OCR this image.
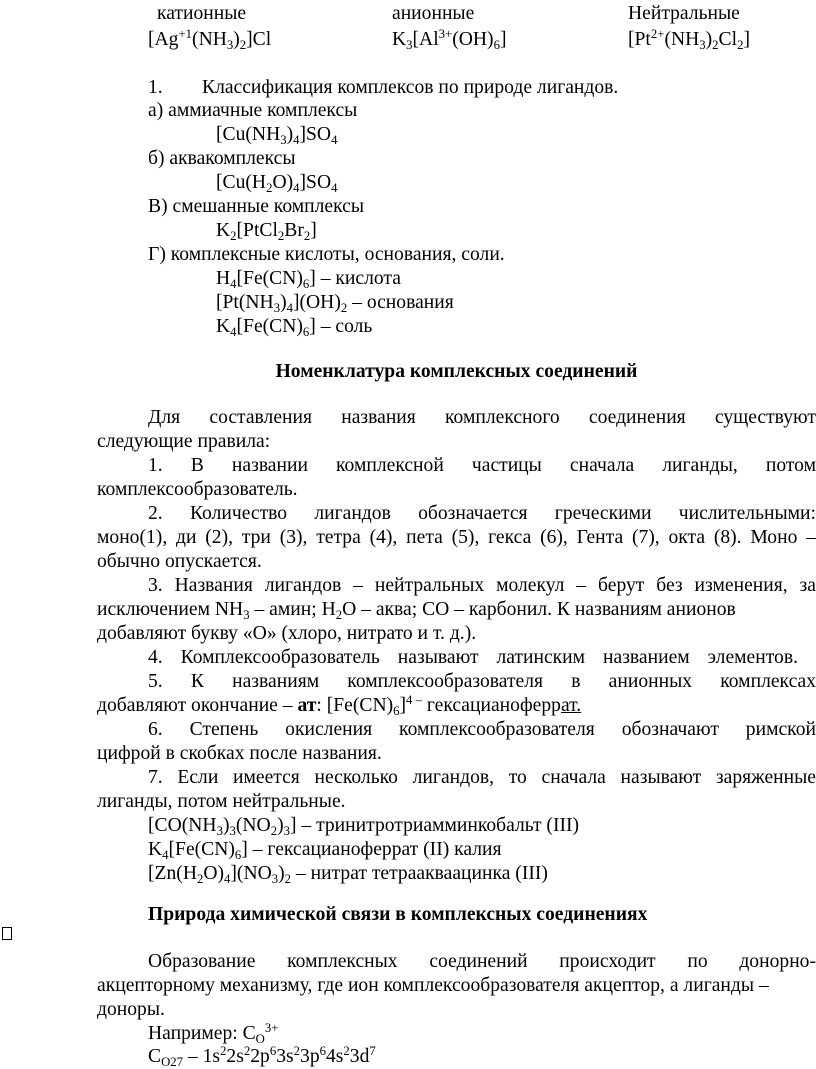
катионные	анионные	Нейтральные
$[Ag^{+1}(NH_3)_2]Cl$	$K_3[Al^{3+}(OH)_6]$	$[Pt^{2+}(NH_3)_2Cl_2]$
1. Классификация комплексов по природе лигандов.
а) аммиачные комплексы
$[Cu(NH_3)_4]SO_4$
б) аквакомплексы
$[Cu(H_2O)_4]SO_4$
В) смешанные комплексы
$K_2[PtCl_2Br_2]$
Г) комплексные кислоты, основания, соли.
$H_4[Fe(CN)_6]$ – кислота
$[Pt(NH_3)_4](OH)_2$ – основания
$K_4[Fe(CN)_6]$ – соль
Номенклатура комплексных соединений
Для составления названия комплексного соединения существуют
следующие правила:
1. В названии комплексной частицы сначала лиганды, потом
комплексообразователь.
2. Количество лигандов обозначается греческими числительными:
моно(1), ди (2), три (3), тетра (4), пета (5), гекса (6), Гента (7), окта (8). Моно –
обычно опускается.
3. Названия лигандов – нейтральных молекул – берут без изменения, за
исключением $NH_3$ – амин; $H_2O$ – аква; CO – карбонил. К названиям анионов
добавляют букву «О» (хлоро, нитрато и т. д.).
4. Комплексообразователь называют латинским названием элементов.
5. К названиям комплексообразователя в анионных комплексах
добавляют окончание – ат: $[Fe(CN)_6]^{4 -}$ гексацианоферрат.
6. Степень окисления комплексообразователя обозначают римской
цифрой в скобках после названия.
7. Если имеется несколько лигандов, то сначала называют заряженные
лиганды, потом нейтральные.
$[CO(NH_3)_3(NO_2)_3]$ – тринитротриамминкобальт (III)
$K_4[Fe(CN)_6]$ – гексацианоферрат (II) калия
$[Zn(H_2O)_4](NO_3)_2$ – нитрат тетраакваацинка (III)
Природа химической связи в комплексных соединениях
Образование комплексных соединений происходит по донорно-
акцепторному механизму, где ион комплексообразователя акцептор, а лиганды –
доноры.
Например: $C_O^{3+}$
$C_{O27} - 1s^22s^22p^63s^23p^64s^23d^7$
